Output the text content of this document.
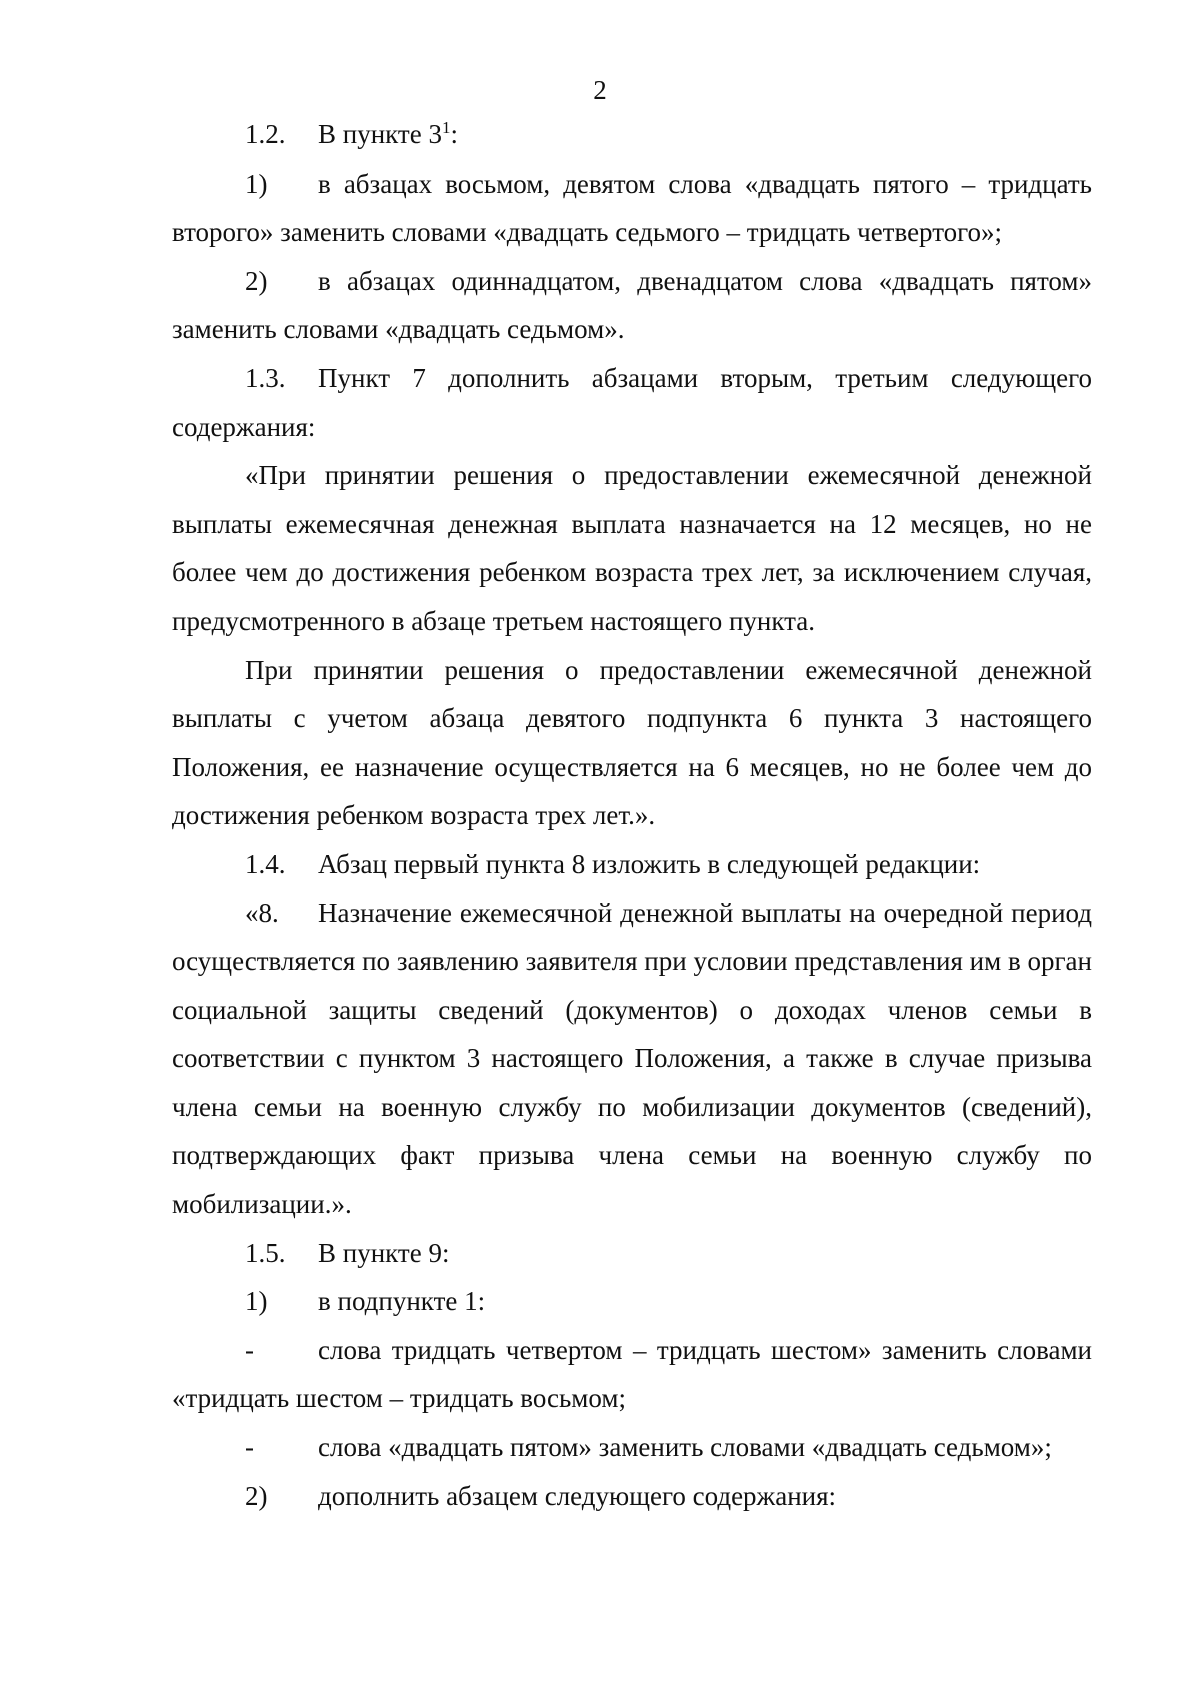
2

1.2. В пункте $3^1$:

1) в абзацах восьмом, девятом слова «двадцать пятого – тридцать второго» заменить словами «двадцать седьмого – тридцать четвертого»;

2) в абзацах одиннадцатом, двенадцатом слова «двадцать пятом» заменить словами «двадцать седьмом».

1.3. Пункт 7 дополнить абзацами вторым, третьим следующего содержания:

«При принятии решения о предоставлении ежемесячной денежной выплаты ежемесячная денежная выплата назначается на 12 месяцев, но не более чем до достижения ребенком возраста трех лет, за исключением случая, предусмотренного в абзаце третьем настоящего пункта.

При принятии решения о предоставлении ежемесячной денежной выплаты с учетом абзаца девятого подпункта 6 пункта 3 настоящего Положения, ее назначение осуществляется на 6 месяцев, но не более чем до достижения ребенком возраста трех лет.».

1.4. Абзац первый пункта 8 изложить в следующей редакции:

«8. Назначение ежемесячной денежной выплаты на очередной период осуществляется по заявлению заявителя при условии представления им в орган социальной защиты сведений (документов) о доходах членов семьи в соответствии с пунктом 3 настоящего Положения, а также в случае призыва члена семьи на военную службу по мобилизации документов (сведений), подтверждающих факт призыва члена семьи на военную службу по мобилизации.».

1.5. В пункте 9:

1) в подпункте 1:

- слова тридцать четвертом – тридцать шестом» заменить словами «тридцать шестом – тридцать восьмом;

- слова «двадцать пятом» заменить словами «двадцать седьмом»;

2) дополнить абзацем следующего содержания:
